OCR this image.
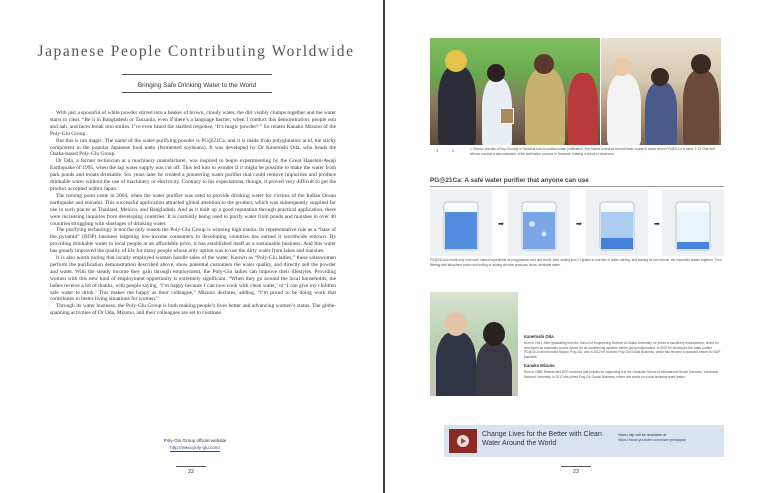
Japanese People Contributing Worldwide
Bringing Safe Drinking Water to the World

With just a spoonful of white powder stirred into a beaker of brown, cloudy water, the dirt visibly clumps together and the water starts to clear. “Be it in Bangladesh or Tanzania, even if there’s a language barrier, when I conduct this demonstration, people ooh and aah, and faces break into smiles. I’ve even heard the startled response, ‘It’s magic powder!’” So relates Kanako Mizuno of the Poly-Glu Group.

But this is not magic. The name of the water-purifying powder is PG@21Ca, and it is made from polyglutamic acid, the sticky component in the popular Japanese food natto (fermented soybeans). It was developed by Dr Kanetoshi Oda, who heads the Osaka-based Poly-Glu Group.

Dr Oda, a former technician at a machinery manufacturer, was inspired to begin experimenting by the Great Hanshin-Awaji Earthquake of 1995, when the tap water supply was cut off. This led him to wonder if it might be possible to make the water from park ponds and moats drinkable. Six years later he created a pioneering water purifier that could remove impurities and produce drinkable water without the use of machinery or electricity. Contrary to his expectations, though, it proved very difficult to get the product accepted within Japan.

The turning point came in 2004, when the water purifier was used to provide drinking water for victims of the Indian Ocean earthquake and tsunami. This successful application attracted global attention to the product, which was subsequently supplied for use in such places as Thailand, Mexico, and Bangladesh. And as it built up a good reputation through practical application, there were increasing inquiries from developing countries. It is currently being used to purify water from ponds and marshes in over 40 countries struggling with shortages of drinking water.

The purifying technology is not the only reason the Poly-Glu Group is winning high marks. Its representative role as a “base of the pyramid” (BOP) business targeting low-income consumers in developing countries has earned it worldwide renown. By providing drinkable water to local people at an affordable price, it has established itself as a sustainable business. And this water has greatly improved the quality of life for many people whose only option was to use the dirty water from lakes and marshes.

It is also worth noting that locally employed women handle sales of the water. Known as “Poly-Glu ladies,” these saleswomen perform the purification demonstration described above, show potential customers the water quality, and directly sell the powder and water. With the steady income they gain through employment, the Poly-Glu ladies can improve their lifestyles. Providing women with this new kind of employment opportunity is extremely significant. “When they go around the local households, the ladies receive a lot of thanks, with people saying, ‘I’m happy because I can now cook with clean water,’ or ‘I can give my children safe water to drink.’ This makes me happy as their colleague,” Mizuno declares, adding, “I’m proud to be doing work that contributes to better living situations for women.”

Through its water business, the Poly-Glu Group is both making people’s lives better and advancing women’s status. The globe-spanning activities of Dr Oda, Mizuno, and their colleagues are set to continue.

Poly-Glu Group official website
http://www.poly-glu.com/
22
1	2	1. Mizuno teaches a Poly-Glu lady in Tanzania how to conduct water purification. She travels overseas several times a year to areas where PG@21Ca is used. 2. Dr Oda and Mizuno conduct a demonstration of the purification process in Tanzania, drawing a crowd of observers.
PG@21Ca: A safe water purifier that anyone can use
➡	➡	➡
PG@21Ca is made only from such natural ingredients as polyglutamic acid and shells. After adding just 0.1 grams to one liter of water, stirring, and leaving for one minute, the impurities cluster together. Then filtering with absorbent cotton and boiling or adding chlorine produces clean, drinkable water.
Kanetoshi Oda
Born in 1941. After graduating from the School of Engineering Science at Osaka University, he joined a machinery manufacturer, where he developed an automatic control device for air conditioning systems before going independent. In 2002 he developed the water purifier PG@21Ca and founded Nippon Poly-Glu, and in 2012 he founded Poly-Glu Social Business, which has become a standard bearer for BOP business.
Kanako Mizuno
Born in 1988. Researched BOP business and policies for supporting it at the Graduate School of International Social Sciences, Yokohama National University. In 2012 she joined Poly-Glu Social Business, where she works on social business team leader.
Change Lives for the Better with Clean Water Around the World
Video clip will be available at
https://www.youtube.com/user/pmojapan
23
